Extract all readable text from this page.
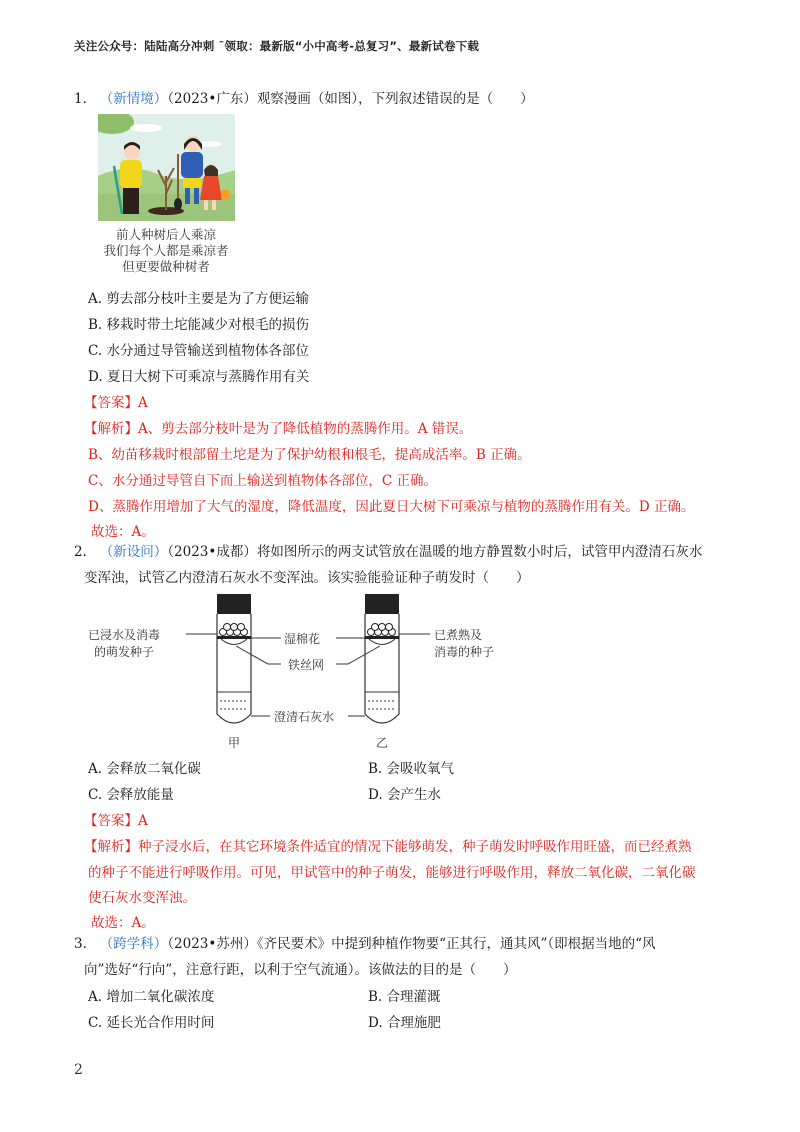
关注公众号：陆陆高分冲刺 ˜领取：最新版“小中高考-总复习”、最新试卷下载
1. （新情境）（2023•广东）观察漫画（如图），下列叙述错误的是（　　）
前人种树后人乘凉
我们每个人都是乘凉者
但更要做种树者
A. 剪去部分枝叶主要是为了方便运输
B. 移栽时带土坨能减少对根毛的损伤
C. 水分通过导管输送到植物体各部位
D. 夏日大树下可乘凉与蒸腾作用有关
【答案】A
【解析】A、剪去部分枝叶是为了降低植物的蒸腾作用。A 错误。
B、幼苗移栽时根部留土坨是为了保护幼根和根毛，提高成活率。B 正确。
C、水分通过导管自下而上输送到植物体各部位，C 正确。
D、蒸腾作用增加了大气的湿度，降低温度，因此夏日大树下可乘凉与植物的蒸腾作用有关。D 正确。
故选：A。
2. （新设问）（2023•成都）将如图所示的两支试管放在温暖的地方静置数小时后，试管甲内澄清石灰水
变浑浊，试管乙内澄清石灰水不变浑浊。该实验能验证种子萌发时（　　）
已浸水及消毒
的萌发种子
湿棉花
铁丝网
澄清石灰水
已煮熟及
消毒的种子
甲	乙
A. 会释放二氧化碳	B. 会吸收氧气
C. 会释放能量	D. 会产生水
【答案】A
【解析】种子浸水后，在其它环境条件适宜的情况下能够萌发，种子萌发时呼吸作用旺盛，而已经煮熟
的种子不能进行呼吸作用。可见，甲试管中的种子萌发，能够进行呼吸作用，释放二氧化碳，二氧化碳
使石灰水变浑浊。
故选：A。
3. （跨学科）（2023•苏州）《齐民要术》中提到种植作物要“正其行，通其风”（即根据当地的“风
向”选好“行向”，注意行距，以利于空气流通）。该做法的目的是（　　）
A. 增加二氧化碳浓度	B. 合理灌溉
C. 延长光合作用时间	D. 合理施肥
2
